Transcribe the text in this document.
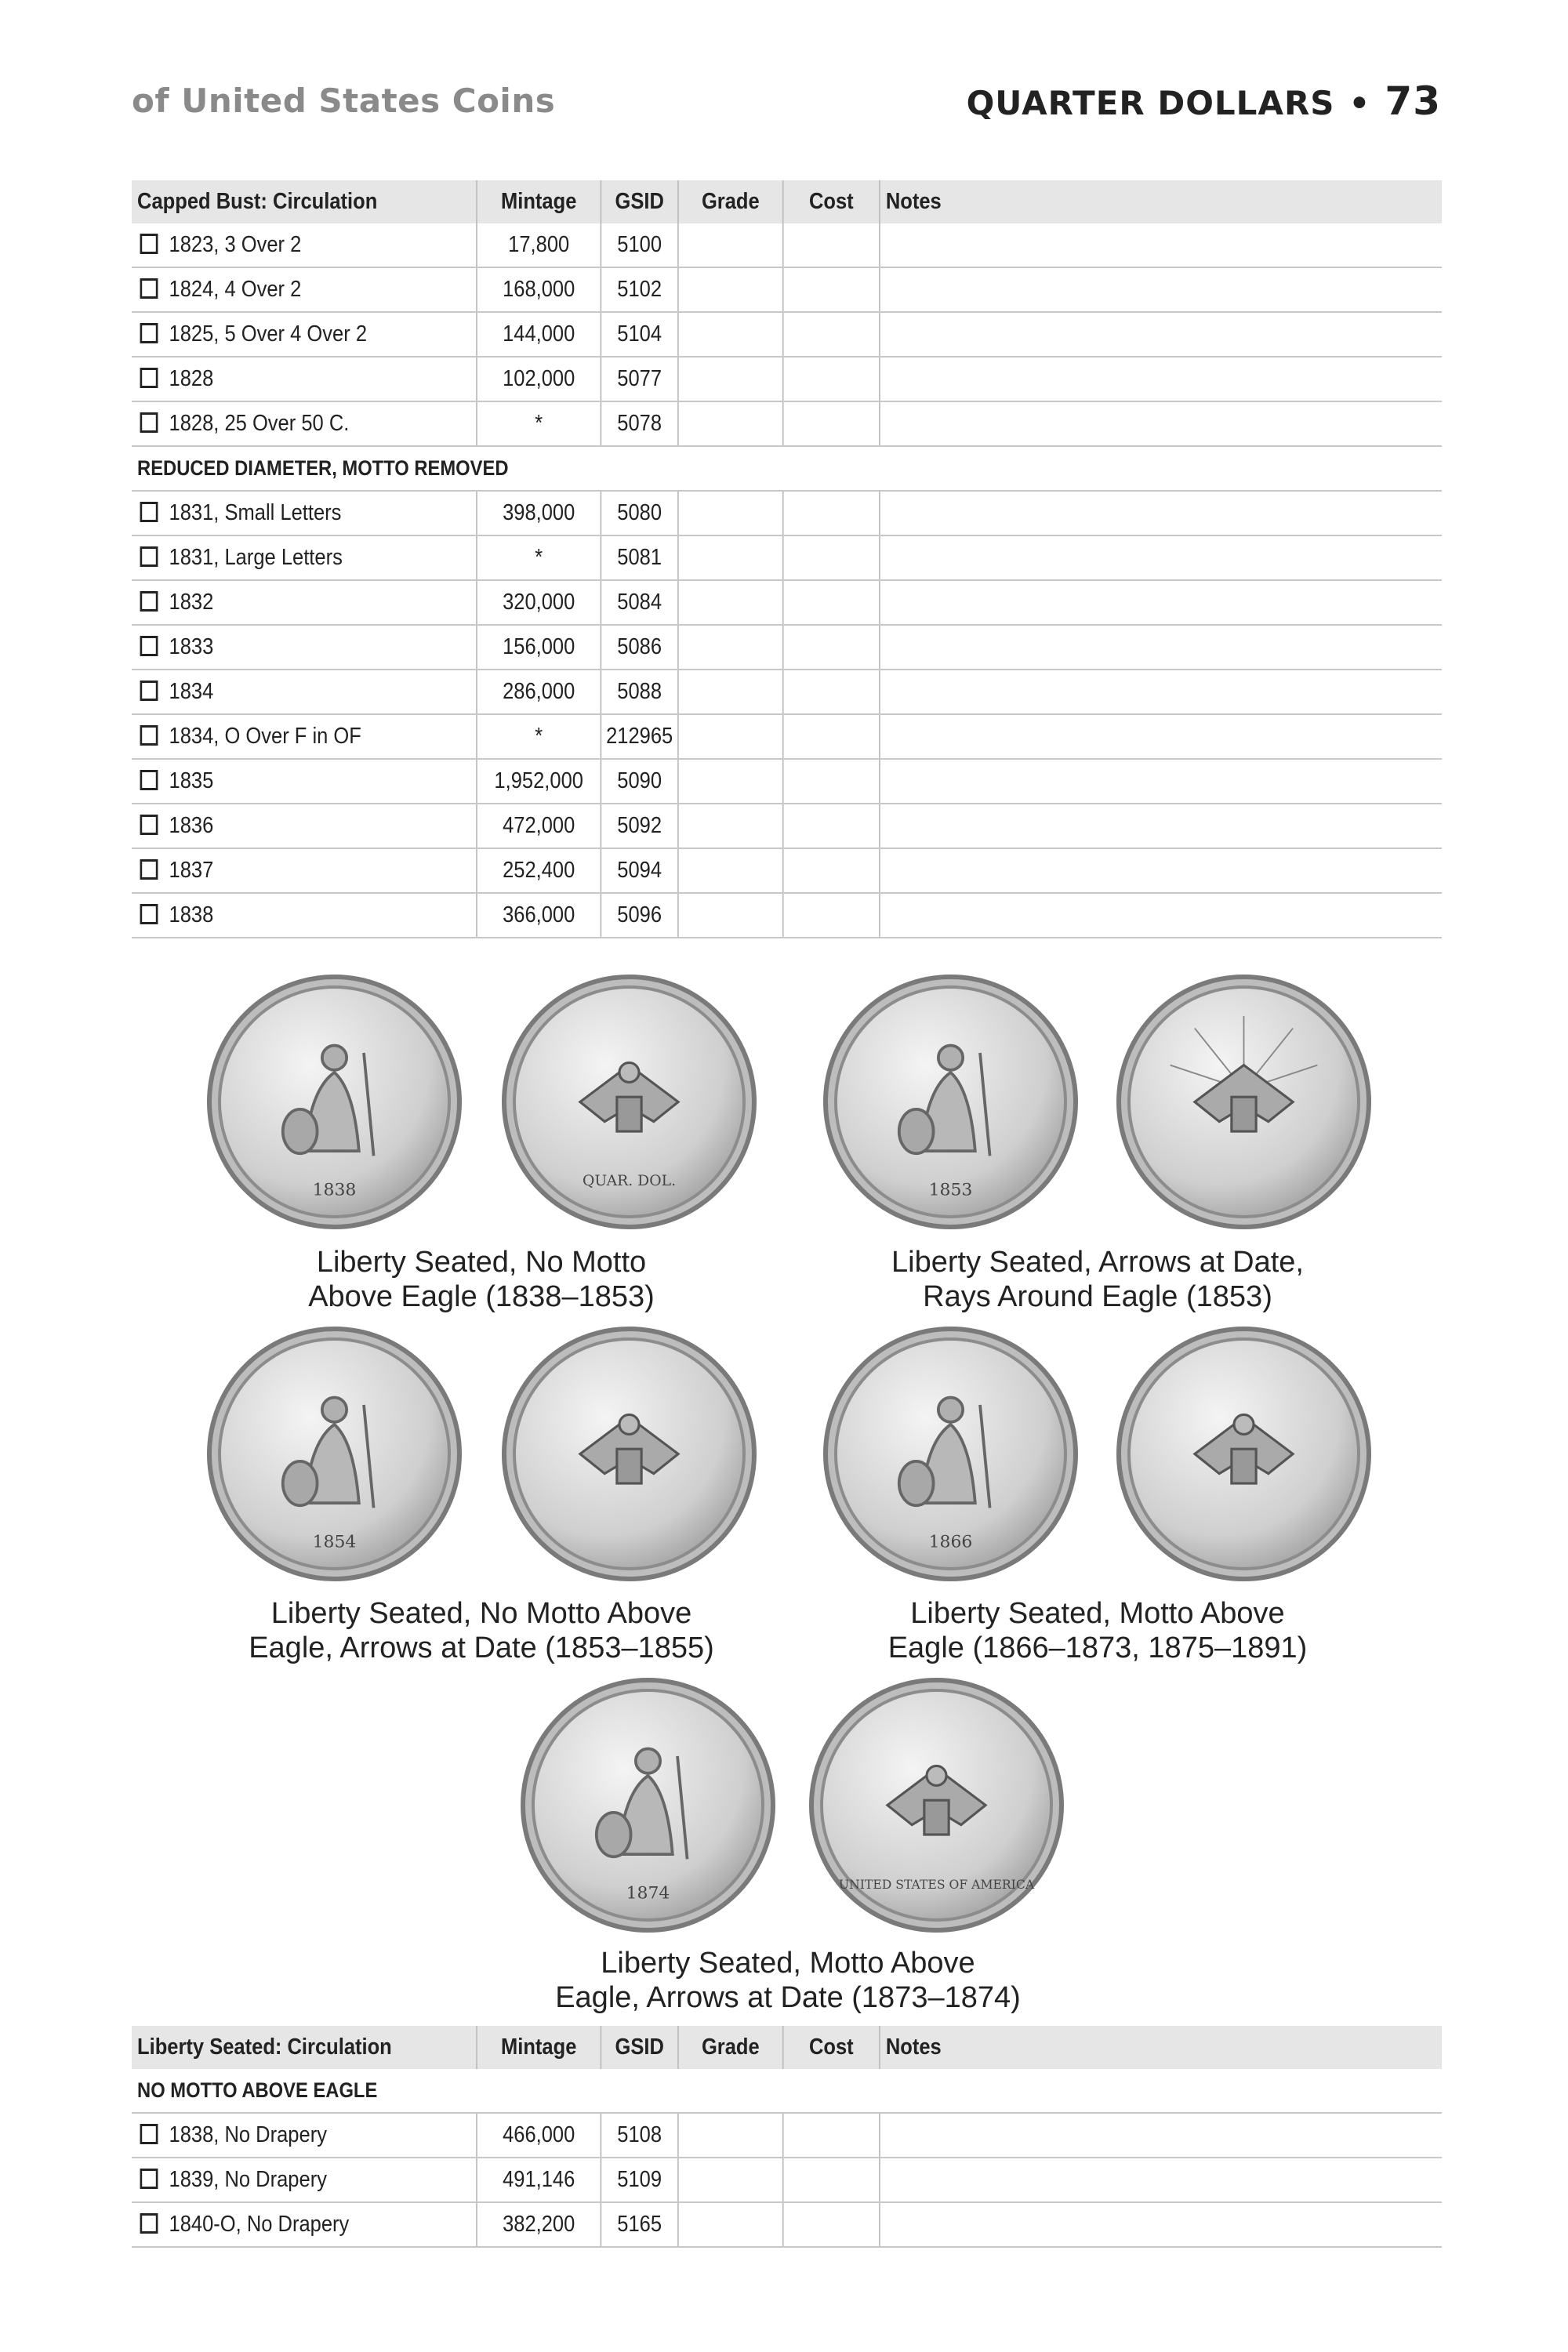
of United States Coins	QUARTER DOLLARS • 73
Capped Bust: Circulation	Mintage	GSID	Grade	Cost	Notes
1823, 3 Over 2	17,800	5100			
1824, 4 Over 2	168,000	5102			
1825, 5 Over 4 Over 2	144,000	5104			
1828	102,000	5077			
1828, 25 Over 50 C.	*	5078			
REDUCED DIAMETER, MOTTO REMOVED					
1831, Small Letters	398,000	5080			
1831, Large Letters	*	5081			
1832	320,000	5084			
1833	156,000	5086			
1834	286,000	5088			
1834, O Over F in OF	*	212965			
1835	1,952,000	5090			
1836	472,000	5092			
1837	252,400	5094			
1838	366,000	5096			
1838	QUAR. DOL.	1853
1854	1866
1874	UNITED STATES OF AMERICA
Liberty Seated, No Motto
Above Eagle (1838–1853)
Liberty Seated, Arrows at Date,
Rays Around Eagle (1853)
Liberty Seated, No Motto Above
Eagle, Arrows at Date (1853–1855)
Liberty Seated, Motto Above
Eagle (1866–1873, 1875–1891)
Liberty Seated, Motto Above
Eagle, Arrows at Date (1873–1874)
Liberty Seated: Circulation	Mintage	GSID	Grade	Cost	Notes
NO MOTTO ABOVE EAGLE					
1838, No Drapery	466,000	5108			
1839, No Drapery	491,146	5109			
1840-O, No Drapery	382,200	5165			
